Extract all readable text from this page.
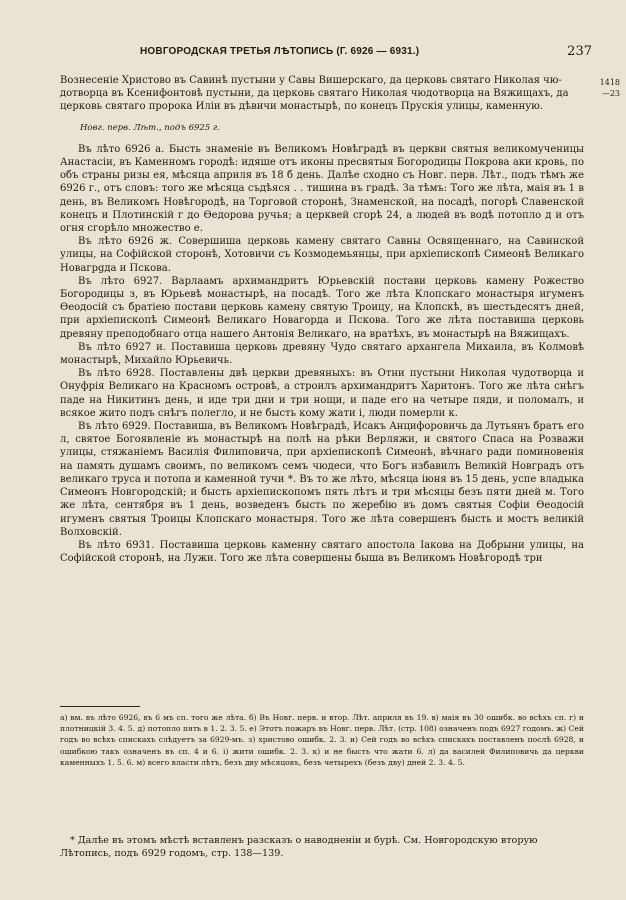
НОВГОРОДСКАЯ ТРЕТЬЯ ЛѢТОПИСЬ (Г. 6926 — 6931.)	237
1418
—23

Вознесеніе Христово въ Савинѣ пустыни у Савы Вишерскаго, да церковь святаго Николая чю-

дотворца въ Ксенифонтовѣ пустыни, да церковь святаго Николая чюдотворца на Вяжищахъ, да

церковь святаго пророка Иліи въ дѣвичи монастырѣ, по конецъ Прускія улицы, каменную.

Новг. перв. Лѣт., подъ 6925 г.

Въ лѣто 6926 а. Бысть знаменіе въ Великомъ Новѣградѣ въ церкви святыя великомученицы Анастасіи, въ Каменномъ городѣ: идяше отъ иконы пресвятыя Богородицы Покрова аки кровь, по объ страны ризы ея, мѣсяца априля въ 18 б день. Далѣе сходно съ Новг. перв. Лѣт., подъ тѣмъ же 6926 г., отъ словъ: того же мѣсяца съдѣяся . . тишина въ градѣ. За тѣмъ: Того же лѣта, маія въ 1 в день, въ Великомъ Новѣгородѣ, на Торговой сторонѣ, Знаменской, на посадѣ, погорѣ Славенской конецъ и Плотинскій г до Ѳедорова ручья; а церквей сгорѣ 24, а людей въ водѣ потопло д и отъ огня сгорѣло множество е.

Въ лѣто 6926 ж. Совершиша церковь камену святаго Савны Освященнаго, на Савинской улицы, на Софійской сторонѣ, Хотовичи съ Козмодемьянцы, при архіепископѣ Симеонѣ Великаго Новагрgда и Пскова.

Въ лѣто 6927. Варлаамъ архимандритъ Юрьевскій постави церковь камену Рожество Богородицы з, въ Юрьевѣ монастырѣ, на посадѣ. Того же лѣта Клопскаго монастыря игуменъ Ѳеодосій съ братіею постави церковь камену святую Троицу, на Клопскѣ, въ шестьдесятъ дней, при архіепископѣ Симеонѣ Великаго Новагорда и Пскова. Того же лѣта поставиша церковь древяну преподобнаго отца нашего Антонія Великаго, на вратѣхъ, въ монастырѣ на Вяжищахъ.

Въ лѣто 6927 и. Поставиша церковь древяну Чудо святаго архангела Михаила, въ Колмовѣ монастырѣ, Михайло Юрьевичь.

Въ лѣто 6928. Поставлены двѣ церкви древяныхъ: въ Отни пустыни Николая чудотворца и Онуфрія Великаго на Красномъ островѣ, а строилъ архимандритъ Харитонъ. Того же лѣта снѣгъ паде на Никитинъ день, и иде три дни и три нощи, и паде его на четыре пяди, и поломалъ, и всякое жито подъ снѣгъ полегло, и не бысть кому жати і, люди померли к.

Въ лѣто 6929. Поставиша, въ Великомъ Новѣградѣ, Исакъ Анцифоровичь да Лутьянъ братъ его л, святое Богоявленіе въ монастырѣ на полѣ на рѣки Верляжи, и святого Спаса на Розважи улицы, стяжаніемъ Василія Филиповича, при архіепископѣ Симеонѣ, вѣчнаго ради поминовенія на память душамъ своимъ, по великомъ семъ чюдеси, что Богъ избавилъ Великій Новградъ отъ великаго труса и потопа и каменной тучи *. Въ то же лѣто, мѣсяца іюня въ 15 день, успе владыка Симеонъ Новгородскій; и бысть архіепископомъ пять лѣтъ и три мѣсяцы безъ пяти дней м. Того же лѣта, сентября въ 1 день, возведенъ бысть по жеребію въ домъ святыя Софіи Ѳеодосій игуменъ святыя Троицы Клопскаго монастыря. Того же лѣта совершенъ бысть и мостъ великій Волховскій.

Въ лѣто 6931. Поставиша церковь каменну святаго апостола Іакова на Добрыни улицы, на Софійской сторонѣ, на Лужи. Того же лѣта совершены быша въ Великомъ Новѣгородѣ три

а) вм. въ лѣто 6926, въ 6 мъ сп. того же лѣта. б) Въ Новг. перв. и втор. Лѣт. априля въ 19. в) маія въ 30 ошибк. во всѣхъ сп. г) и плотницкій 3. 4. 5. д) потопло пять в 1. 2. 3. 5. е) Этотъ пожаръ въ Новг. перв. Лѣт. (стр. 108) означенъ подъ 6927 годомъ. ж) Сей годъ во всѣхъ спискахъ слѣдуетъ за 6929-мъ. з) христово ошибк. 2. 3. и) Сей годъ во всѣхъ спискахъ поставленъ послѣ 6928, и ошибкою такъ означенъ въ сп. 4 и 6. і) жити ошибк. 2. 3. к) и не бысть что жати 6. л) да василей Филиповичь да церкви каменныхъ 1. 5. 6. м) всего власти лѣтъ, безъ дву мѣсяцовъ, безъ четырехъ (безъ дву) дней 2. 3. 4. 5.

* Далѣе въ этомъ мѣстѣ вставленъ разсказъ о наводненіи и бурѣ. См. Новгородскую вторую Лѣтопись, подъ 6929 годомъ, стр. 138—139.
